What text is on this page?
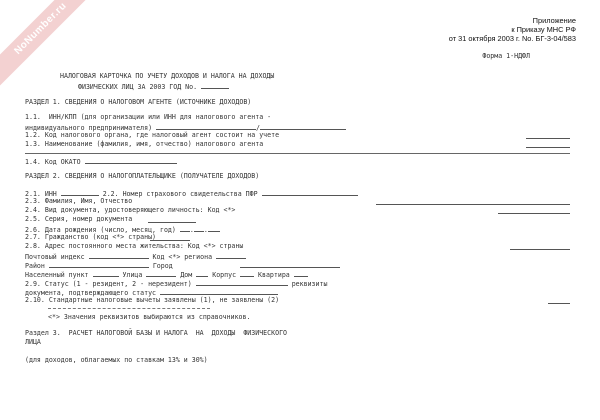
NoNumber.ru	Приложение
к Приказу МНС РФ
от 31 октября 2003 г. No. БГ-3-04/583
Форма 1-НДФЛ
НАЛОГОВАЯ КАРТОЧКА ПО УЧЕТУ ДОХОДОВ И НАЛОГА НА ДОХОДЫ
ФИЗИЧЕСКИХ ЛИЦ ЗА 2003 ГОД No.
РАЗДЕЛ 1. СВЕДЕНИЯ О НАЛОГОВОМ АГЕНТЕ (ИСТОЧНИКЕ ДОХОДОВ)
1.1.  ИНН/КПП (для организации или ИНН для налогового агента -
индивидуального предпринимателя)	/
1.2. Код налогового органа, где налоговый агент состоит на учете
1.3. Наименование (фамилия, имя, отчество) налогового агента
1.4. Код ОКАТО
РАЗДЕЛ 2. СВЕДЕНИЯ О НАЛОГОПЛАТЕЛЬЩИКЕ (ПОЛУЧАТЕЛЕ ДОХОДОВ)
2.1. ИНН	2.2. Номер страхового свидетельства ПФР
2.3. Фамилия, Имя, Отчество
2.4. Вид документа, удостоверяющего личность: Код <*>
2.5. Серия, номер документа
2.6. Дата рождения (число, месяц, год) . .
2.7. Гражданство (код <*> страны)
2.8. Адрес постоянного места жительства: Код <*> страны
Почтовый индекс	Код <*> региона
Район	Город
Населенный пункт	Улица	Дом	Корпус	Квартира
2.9. Статус (1 - резидент, 2 - нерезидент)	реквизиты
документа, подтверждающего статус
2.10. Стандартные налоговые вычеты заявлены (1), не заявлены (2)
<*> Значения реквизитов выбираются из справочников.
Раздел 3.  РАСЧЕТ НАЛОГОВОЙ БАЗЫ И НАЛОГА  НА  ДОХОДЫ  ФИЗИЧЕСКОГО
ЛИЦА
(для доходов, облагаемых по ставкам 13% и 30%)
